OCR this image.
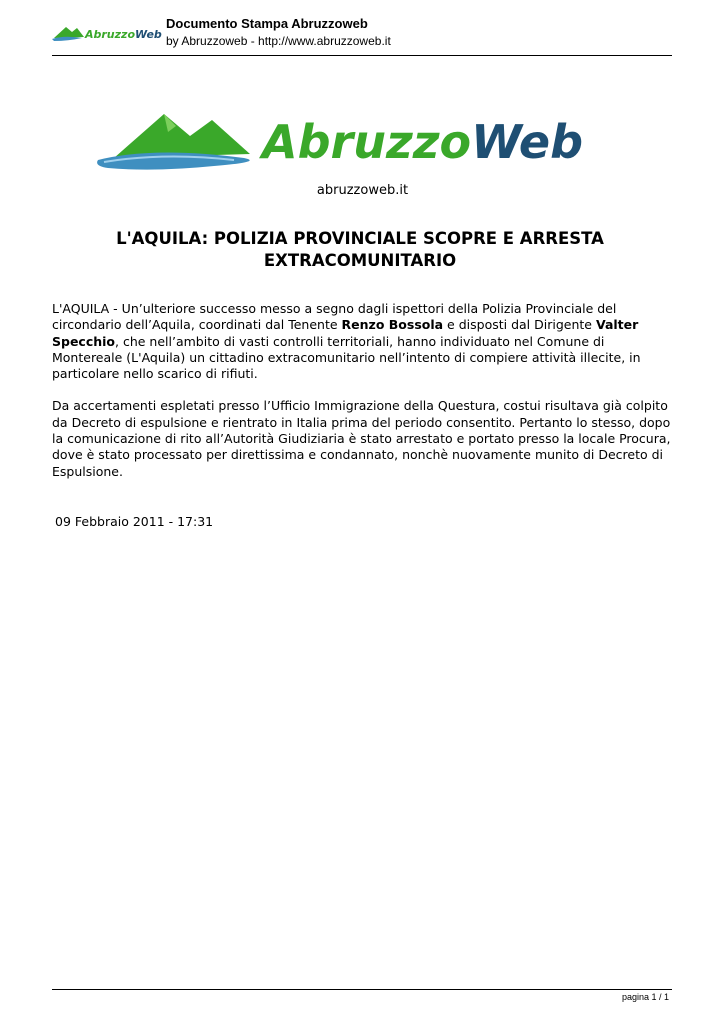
AbruzzoWeb

Documento Stampa Abruzzoweb

by Abruzzoweb - http://www.abruzzoweb.it

AbruzzoWeb
abruzzoweb.it
L'AQUILA: POLIZIA PROVINCIALE SCOPRE E ARRESTA
EXTRACOMUNITARIO

L'AQUILA - Un’ulteriore successo messo a segno dagli ispettori della Polizia Provinciale del circondario dell’Aquila, coordinati dal Tenente Renzo Bossola e disposti dal Dirigente Valter Specchio, che nell’ambito di vasti controlli territoriali, hanno individuato nel Comune di Montereale (L'Aquila) un cittadino extracomunitario nell’intento di compiere attività illecite, in particolare nello scarico di rifiuti.

Da accertamenti espletati presso l’Ufficio Immigrazione della Questura, costui risultava già colpito da Decreto di espulsione e rientrato in Italia prima del periodo consentito. Pertanto lo stesso, dopo la comunicazione di rito all’Autorità Giudiziaria è stato arrestato e portato presso la locale Procura, dove è stato processato per direttissima e condannato, nonchè nuovamente munito di Decreto di Espulsione.

09 Febbraio 2011 - 17:31
pagina 1 / 1
